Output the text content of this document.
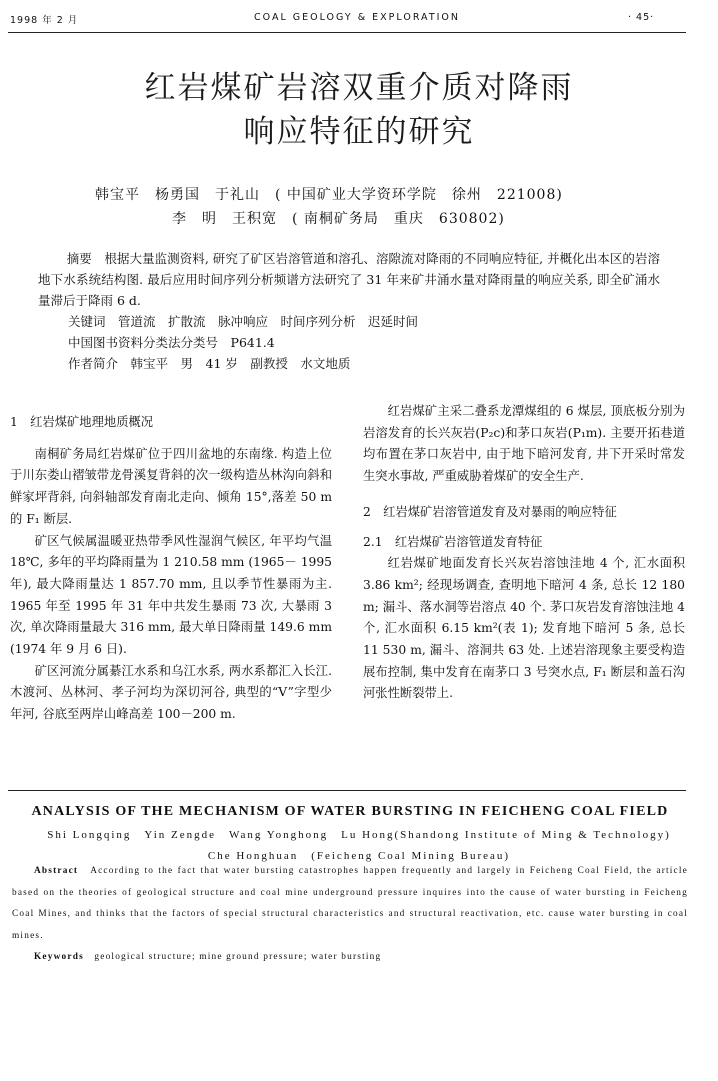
1998 年 2 月	COAL GEOLOGY & EXPLORATION	· 45·
红岩煤矿岩溶双重介质对降雨
响应特征的研究
韩宝平　杨勇国　于礼山　 ( 中国矿业大学资环学院　徐州　221008)
李　明　王积宽　 ( 南桐矿务局　重庆　630802)
摘要　 根据大量监测资料, 研究了矿区岩溶管道和溶孔、溶隙流对降雨的不同响应特征, 并概化出本区的岩溶地下水系统结构图. 最后应用时间序列分析频谱方法研究了 31 年来矿井涌水量对降雨量的响应关系, 即全矿涌水量滞后于降雨 6 d.
关键词　 管道流　扩散流　脉冲响应　时间序列分析　迟延时间
中国图书资料分类法分类号　 P641.4
作者简介　 韩宝平　男　41 岁　副教授　水文地质

1　红岩煤矿地理地质概况

南桐矿务局红岩煤矿位于四川盆地的东南缘. 构造上位于川东娄山褶皱带龙骨溪复背斜的次一级构造丛林沟向斜和鲜家坪背斜, 向斜轴部发育南北走向、倾角 15°,落差 50 m 的 F₁ 断层.

矿区气候属温暖亚热带季风性湿润气候区, 年平均气温 18℃, 多年的平均降雨量为 1 210.58 mm (1965－ 1995 年), 最大降雨量达 1 857.70 mm, 且以季节性暴雨为主. 1965 年至 1995 年 31 年中共发生暴雨 73 次, 大暴雨 3 次, 单次降雨量最大 316 mm, 最大单日降雨量 149.6 mm (1974 年 9 月 6 日).

矿区河流分属綦江水系和乌江水系, 两水系都汇入长江. 木渡河、丛林河、孝子河均为深切河谷, 典型的“V”字型少年河, 谷底至两岸山峰高差 100－200 m.

红岩煤矿主采二叠系龙潭煤组的 6 煤层, 顶底板分别为岩溶发育的长兴灰岩(P₂c)和茅口灰岩(P₁m). 主要开拓巷道均布置在茅口灰岩中, 由于地下暗河发育, 井下开采时常发生突水事故, 严重威胁着煤矿的安全生产.

2　红岩煤矿岩溶管道发育及对暴雨的响应特征

2.1　红岩煤矿岩溶管道发育特征

红岩煤矿地面发育长兴灰岩溶蚀洼地 4 个, 汇水面积 3.86 km²; 经现场调查, 查明地下暗河 4 条, 总长 12 180 m; 漏斗、落水洞等岩溶点 40 个. 茅口灰岩发育溶蚀洼地 4 个, 汇水面积 6.15 km²(表 1); 发育地下暗河 5 条, 总长 11 530 m, 漏斗、溶洞共 63 处. 上述岩溶现象主要受构造展布控制, 集中发育在南茅口 3 号突水点, F₁ 断层和盖石沟河张性断裂带上.

ANALYSIS OF THE MECHANISM OF WATER BURSTING IN FEICHENG COAL FIELD
Shi Longqing　Yin Zengde　Wang Yonghong　Lu Hong(Shandong Institute of Ming & Technology)
Che Honghuan　(Feicheng Coal Mining Bureau)
Abstract　 According to the fact that water bursting catastrophes happen frequently and largely in Feicheng Coal Field, the article based on the theories of geological structure and coal mine underground pressure inquires into the cause of water bursting in Feicheng Coal Mines, and thinks that the factors of special structural characteristics and structural reactivation, etc. cause water bursting in coal mines.
Keywords　 geological structure; mine ground pressure; water bursting
